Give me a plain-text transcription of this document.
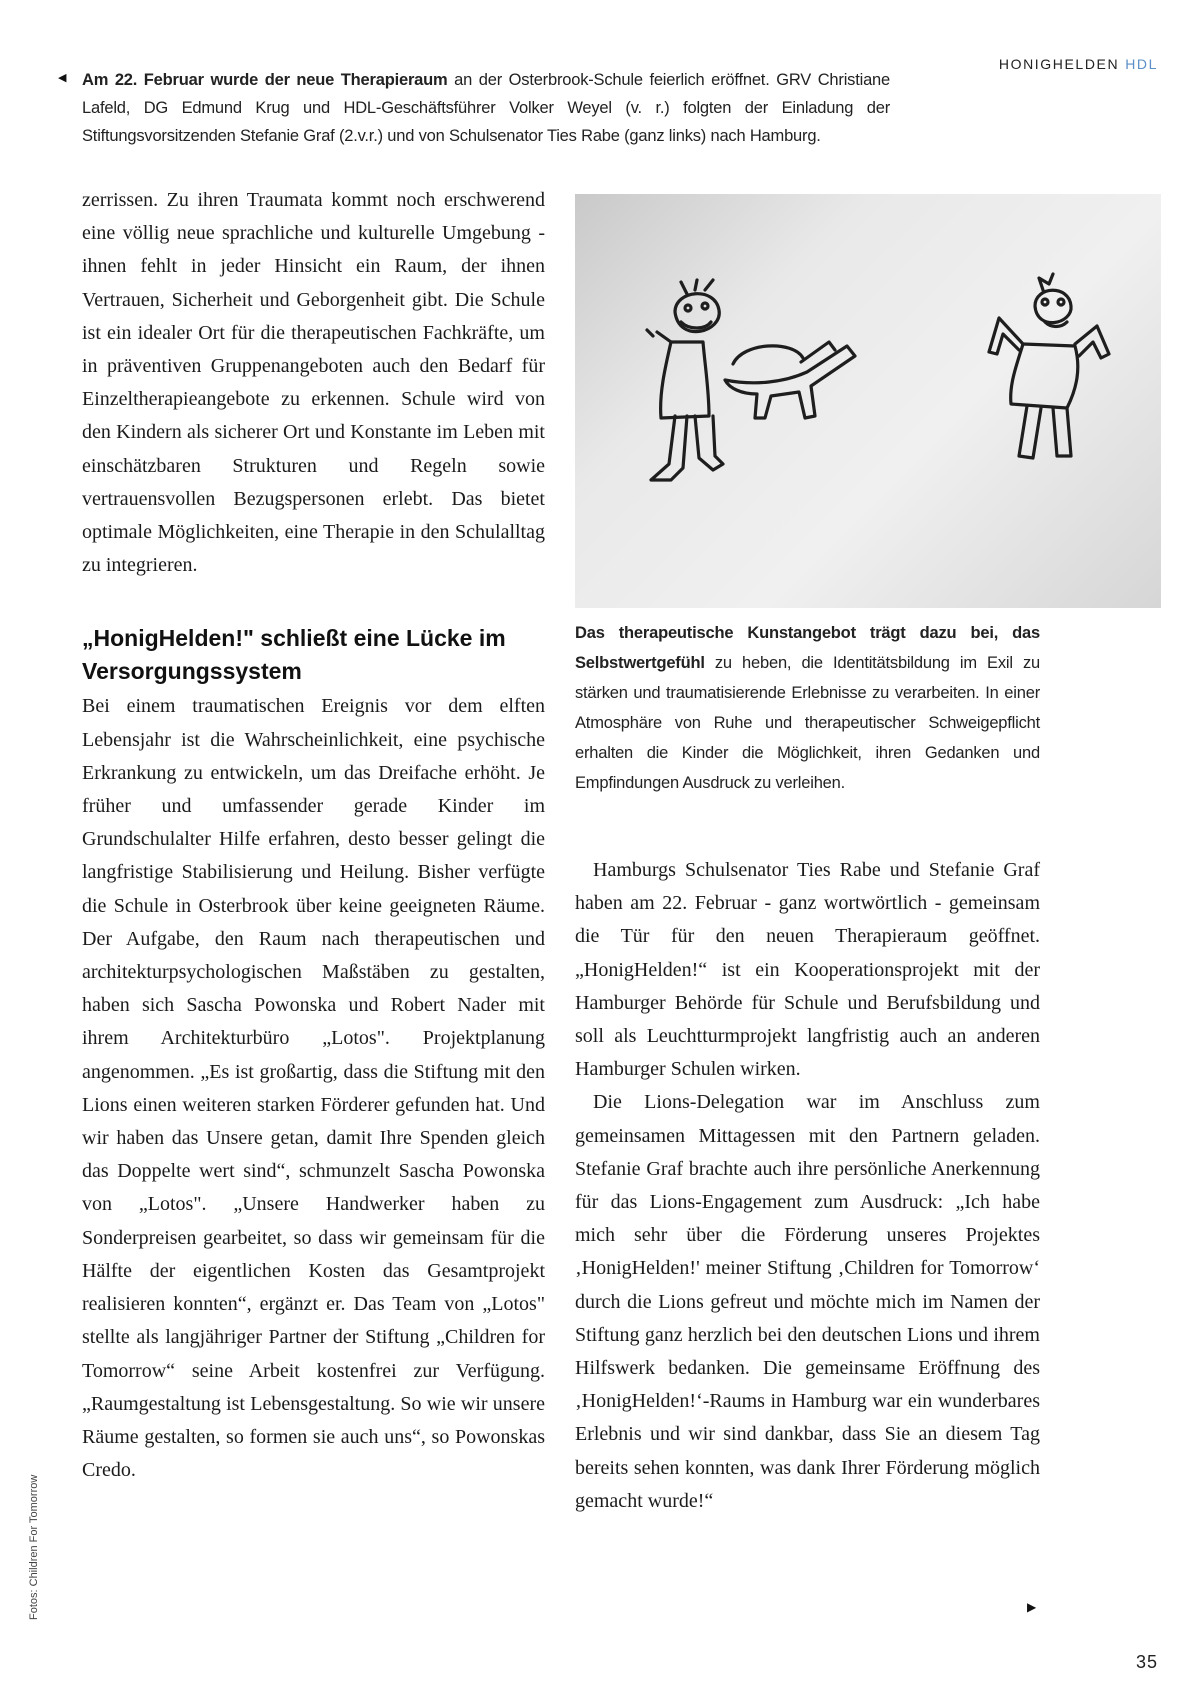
◀ Am 22. Februar wurde der neue Therapieraum an der Osterbrook-Schule feierlich eröffnet. GRV Christiane Lafeld, DG Edmund Krug und HDL-Geschäftsführer Volker Weyel (v. r.) folgten der Einladung der Stiftungsvorsitzenden Stefanie Graf (2.v.r.) und von Schulsenator Ties Rabe (ganz links) nach Hamburg.
HONIGHELDEN HDL

zerrissen. Zu ihren Traumata kommt noch erschwerend eine völlig neue sprachliche und kulturelle Umgebung - ihnen fehlt in jeder Hinsicht ein Raum, der ihnen Vertrauen, Sicherheit und Geborgenheit gibt. Die Schule ist ein idealer Ort für die therapeutischen Fachkräfte, um in präventiven Gruppenangeboten auch den Bedarf für Einzeltherapieangebote zu erkennen. Schule wird von den Kindern als sicherer Ort und Konstante im Leben mit einschätzbaren Strukturen und Regeln sowie vertrauensvollen Bezugspersonen erlebt. Das bietet optimale Möglichkeiten, eine Therapie in den Schulalltag zu integrieren.

„HonigHelden!" schließt eine Lücke im Versorgungssystem

Bei einem traumatischen Ereignis vor dem elften Lebensjahr ist die Wahrscheinlichkeit, eine psychische Erkrankung zu entwickeln, um das Dreifache erhöht. Je früher und umfassender gerade Kinder im Grundschulalter Hilfe erfahren, desto besser gelingt die langfristige Stabilisierung und Heilung. Bisher verfügte die Schule in Osterbrook über keine geeigneten Räume. Der Aufgabe, den Raum nach therapeutischen und architekturpsychologischen Maßstäben zu gestalten, haben sich Sascha Powonska und Robert Nader mit ihrem Architekturbüro „Lotos". Projektplanung angenommen. „Es ist großartig, dass die Stiftung mit den Lions einen weiteren starken Förderer gefunden hat. Und wir haben das Unsere getan, damit Ihre Spenden gleich das Doppelte wert sind“, schmunzelt Sascha Powonska von „Lotos". „Unsere Handwerker haben zu Sonderpreisen gearbeitet, so dass wir gemeinsam für die Hälfte der eigentlichen Kosten das Gesamtprojekt realisieren konnten“, ergänzt er. Das Team von „Lotos" stellte als langjähriger Partner der Stiftung „Children for Tomorrow“ seine Arbeit kostenfrei zur Verfügung. „Raumgestaltung ist Lebensgestaltung. So wie wir unsere Räume gestalten, so formen sie auch uns“, so Powonskas Credo.

Das therapeutische Kunstangebot trägt dazu bei, das Selbstwertgefühl zu heben, die Identitätsbildung im Exil zu stärken und traumatisierende Erlebnisse zu verarbeiten. In einer Atmosphäre von Ruhe und therapeutischer Schweigepflicht erhalten die Kinder die Möglichkeit, ihren Gedanken und Empfindungen Ausdruck zu verleihen.

Hamburgs Schulsenator Ties Rabe und Stefanie Graf haben am 22. Februar - ganz wortwörtlich - gemeinsam die Tür für den neuen Therapieraum geöffnet. „HonigHelden!“ ist ein Kooperationsprojekt mit der Hamburger Behörde für Schule und Berufsbildung und soll als Leuchtturmprojekt langfristig auch an anderen Hamburger Schulen wirken.

Die Lions-Delegation war im Anschluss zum gemeinsamen Mittagessen mit den Partnern geladen. Stefanie Graf brachte auch ihre persönliche Anerkennung für das Lions-Engagement zum Ausdruck: „Ich habe mich sehr über die Förderung unseres Projektes ‚HonigHelden!' meiner Stiftung ‚Children for Tomorrow‘ durch die Lions gefreut und möchte mich im Namen der Stiftung ganz herzlich bei den deutschen Lions und ihrem Hilfswerk bedanken. Die gemeinsame Eröffnung des ‚HonigHelden!‘-Raums in Hamburg war ein wunderbares Erlebnis und wir sind dankbar, dass Sie an diesem Tag bereits sehen konnten, was dank Ihrer Förderung möglich gemacht wurde!“

▶
Fotos: Children For Tomorrow
35
